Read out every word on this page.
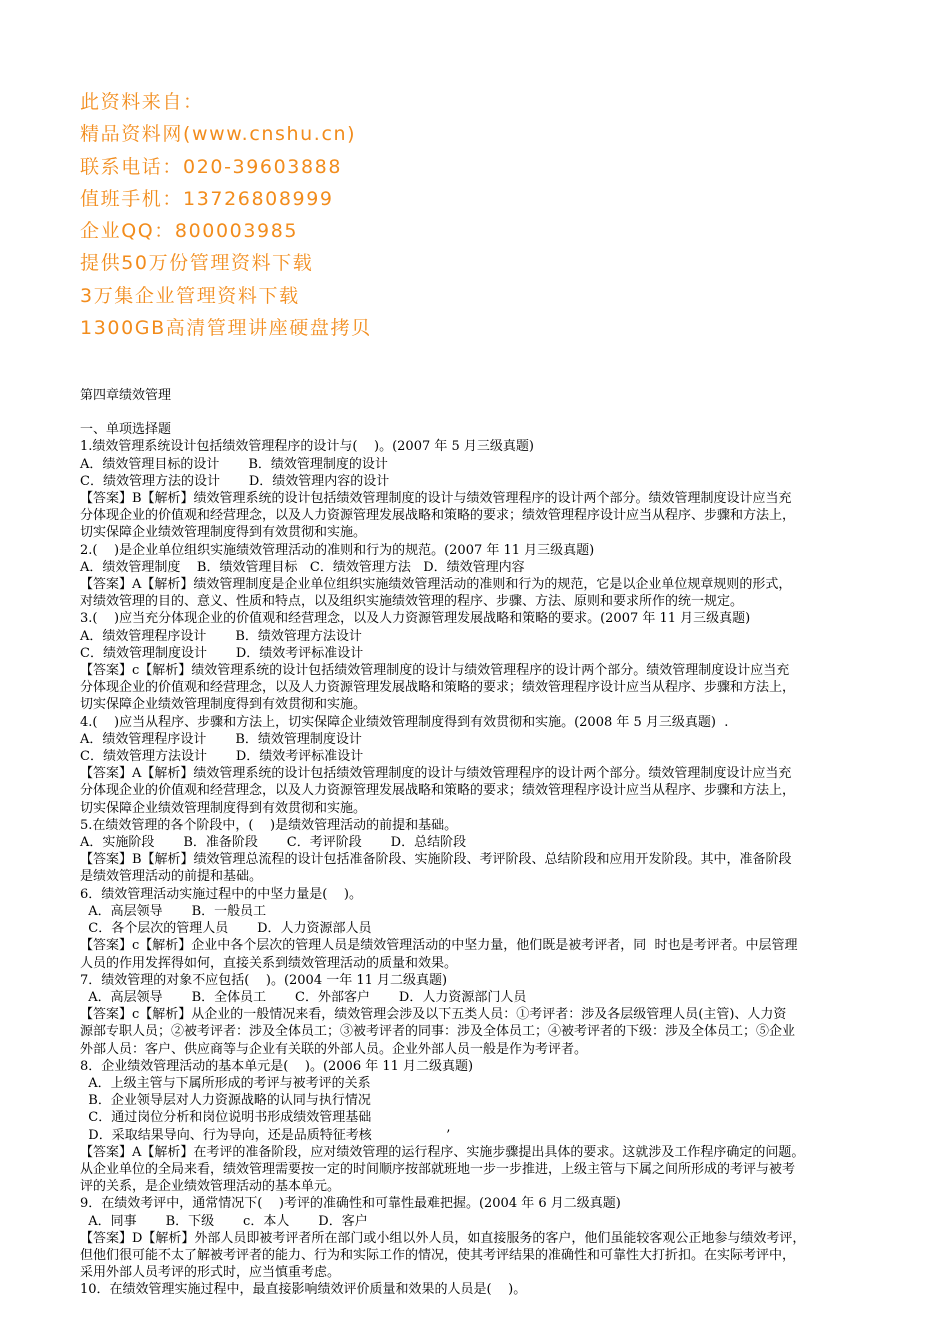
此资料来自：
精品资料网(www.cnshu.cn)
联系电话：020-39603888
值班手机：13726808999
企业QQ：800003985
提供50万份管理资料下载
3万集企业管理资料下载
1300GB高清管理讲座硬盘拷贝
第四章绩效管理
一、单项选择题
1.绩效管理系统设计包括绩效管理程序的设计与(    )。(2007 年 5 月三级真题)
A．绩效管理目标的设计       B．绩效管理制度的设计
C．绩效管理方法的设计       D．绩效管理内容的设计
【答案】B【解析】绩效管理系统的设计包括绩效管理制度的设计与绩效管理程序的设计两个部分。绩效管理制度设计应当充
分体现企业的价值观和经营理念，以及人力资源管理发展战略和策略的要求；绩效管理程序设计应当从程序、步骤和方法上，
切实保障企业绩效管理制度得到有效贯彻和实施。
2.(    )是企业单位组织实施绩效管理活动的准则和行为的规范。(2007 年 11 月三级真题)
A．绩效管理制度    B．绩效管理目标   C．绩效管理方法   D．绩效管理内容
【答案】A【解析】绩效管理制度是企业单位组织实施绩效管理活动的准则和行为的规范，它是以企业单位规章规则的形式，
对绩效管理的目的、意义、性质和特点，以及组织实施绩效管理的程序、步骤、方法、原则和要求所作的统一规定。
3.(    )应当充分体现企业的价值观和经营理念，以及人力资源管理发展战略和策略的要求。(2007 年 11 月三级真题)
A．绩效管理程序设计       B．绩效管理方法设计
C．绩效管理制度设计       D．绩效考评标准设计
【答案】c【解析】绩效管理系统的设计包括绩效管理制度的设计与绩效管理程序的设计两个部分。绩效管理制度设计应当充
分体现企业的价值观和经营理念，以及人力资源管理发展战略和策略的要求；绩效管理程序设计应当从程序、步骤和方法上，
切实保障企业绩效管理制度得到有效贯彻和实施。
4.(    )应当从程序、步骤和方法上，切实保障企业绩效管理制度得到有效贯彻和实施。(2008 年 5 月三级真题)  .
A．绩效管理程序设计       B．绩效管理制度设计
C．绩效管理方法设计       D．绩效考评标准设计
【答案】A【解析】绩效管理系统的设计包括绩效管理制度的设计与绩效管理程序的设计两个部分。绩效管理制度设计应当充
分体现企业的价值观和经营理念，以及人力资源管理发展战略和策略的要求；绩效管理程序设计应当从程序、步骤和方法上，
切实保障企业绩效管理制度得到有效贯彻和实施。
5.在绩效管理的各个阶段中，(    )是绩效管理活动的前提和基础。
A．实施阶段       B．准备阶段       C．考评阶段       D．总结阶段
【答案】B【解析】绩效管理总流程的设计包括准备阶段、实施阶段、考评阶段、总结阶段和应用开发阶段。其中，准备阶段
是绩效管理活动的前提和基础。
6．绩效管理活动实施过程中的中坚力量是(    )。
A．高层领导       B．一般员工
C．各个层次的管理人员       D．人力资源部人员
【答案】c【解析】企业中各个层次的管理人员是绩效管理活动的中坚力量，他们既是被考评者，同  时也是考评者。中层管理
人员的作用发挥得如何，直接关系到绩效管理活动的质量和效果。
7．绩效管理的对象不应包括(    )。(2004 一年 11 月二级真题)
A．高层领导       B．全体员工       C．外部客户       D．人力资源部门人员
【答案】c【解析】从企业的一般情况来看，绩效管理会涉及以下五类人员：①考评者：涉及各层级管理人员(主管)、人力资
源部专职人员；②被考评者：涉及全体员工；③被考评者的同事：涉及全体员工；④被考评者的下级：涉及全体员工；⑤企业
外部人员：客户、供应商等与企业有关联的外部人员。企业外部人员一般是作为考评者。
8．企业绩效管理活动的基本单元是(    )。(2006 年 11 月二级真题)
A．上级主管与下属所形成的考评与被考评的关系
B．企业领导层对人力资源战略的认同与执行情况
C．通过岗位分析和岗位说明书形成绩效管理基础
D．采取结果导向、行为导向，还是品质特征考核                  ’
【答案】A【解析】在考评的准备阶段，应对绩效管理的运行程序、实施步骤提出具体的要求。这就涉及工作程序确定的问题。
从企业单位的全局来看，绩效管理需要按一定的时间顺序按部就班地一步一步推进，上级主管与下属之间所形成的考评与被考
评的关系，是企业绩效管理活动的基本单元。
9．在绩效考评中，通常情况下(    )考评的准确性和可靠性最难把握。(2004 年 6 月二级真题)
A．同事       B．下级       c．本人       D．客户
【答案】D【解析】外部人员即被考评者所在部门或小组以外人员，如直接服务的客户，他们虽能较客观公正地参与绩效考评，
但他们很可能不太了解被考评者的能力、行为和实际工作的情况，使其考评结果的准确性和可靠性大打折扣。在实际考评中，
采用外部人员考评的形式时，应当慎重考虑。
10．在绩效管理实施过程中，最直接影响绩效评价质量和效果的人员是(    )。
